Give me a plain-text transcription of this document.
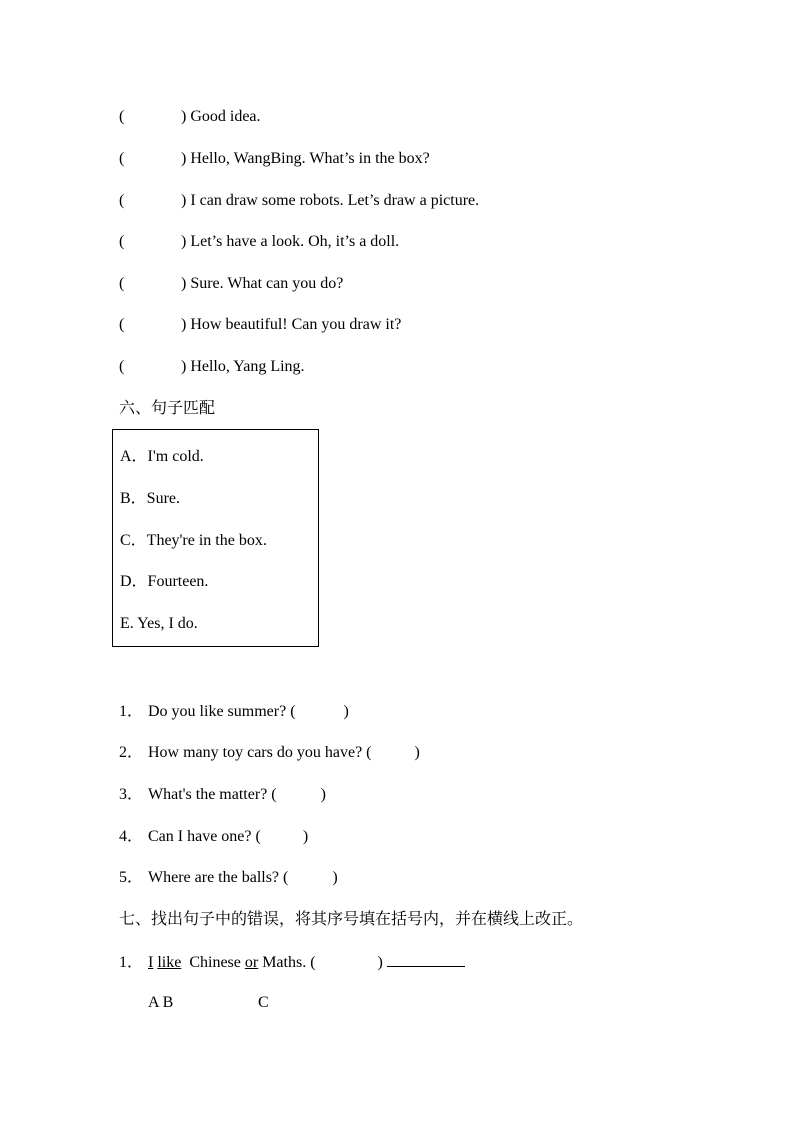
(	) Good idea.
(	) Hello, WangBing. What’s in the box?
(	) I can draw some robots. Let’s draw a picture.
(	) Let’s have a look. Oh, it’s a doll.
(	) Sure. What can you do?
(	) How beautiful! Can you draw it?
(	) Hello, Yang Ling.
六、句子匹配
A．I'm cold.
B．Sure.
C．They're in the box.
D．Fourteen.
E. Yes, I do.
1． Do you like summer? (	)
2． How many toy cars do you have? (	)
3． What's the matter? (	)
4． Can I have one? (	)
5． Where are the balls? (	)
七、找出句子中的错误，将其序号填在括号内，并在横线上改正。
1． I like Chinese or Maths. (	)
A B	C
